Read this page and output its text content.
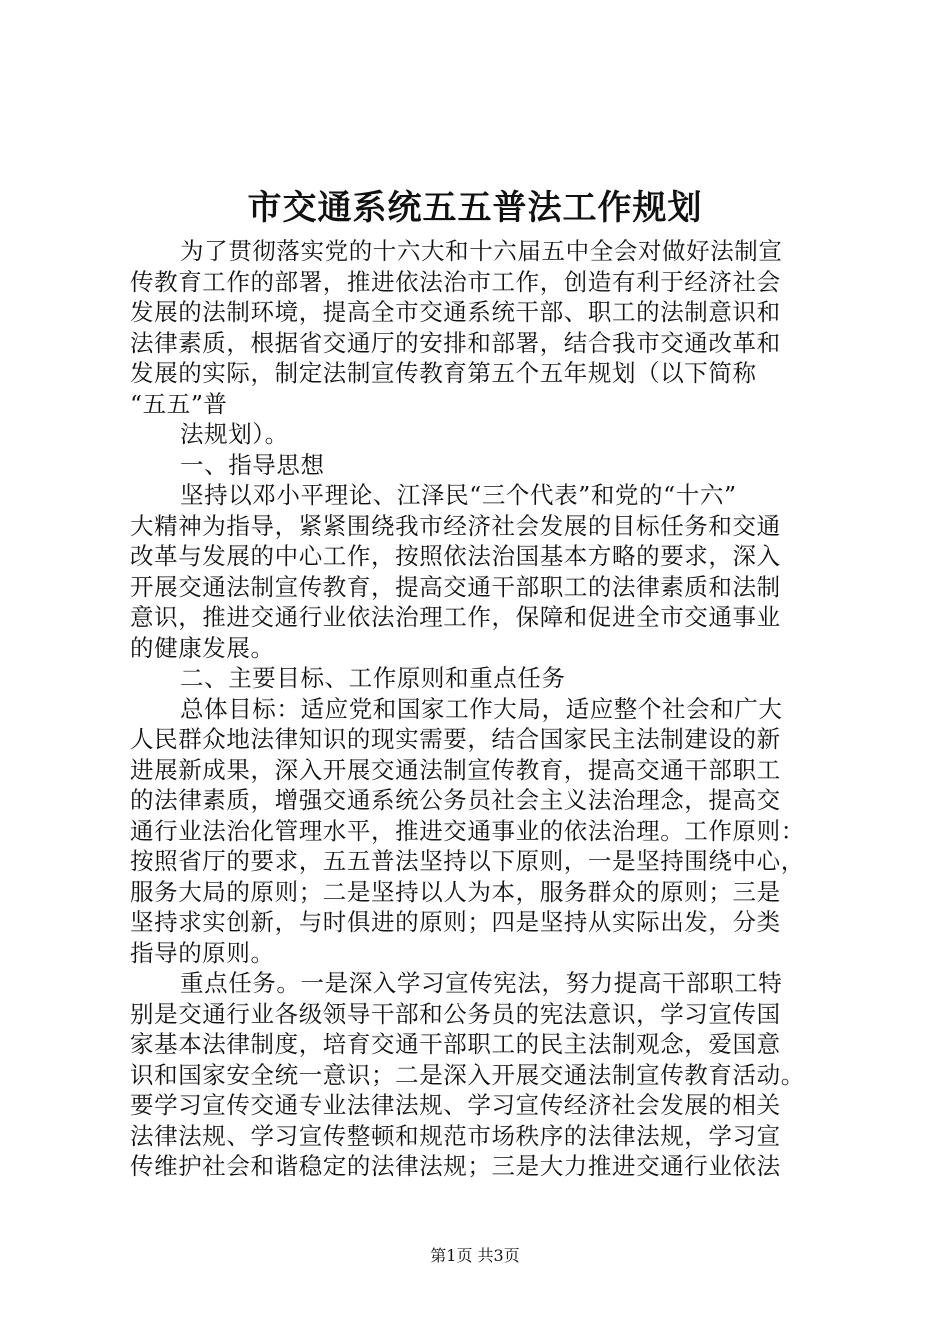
市交通系统五五普法工作规划
为了贯彻落实党的十六大和十六届五中全会对做好法制宣
传教育工作的部署，推进依法治市工作，创造有利于经济社会
发展的法制环境，提高全市交通系统干部、职工的法制意识和
法律素质，根据省交通厅的安排和部署，结合我市交通改革和
发展的实际，制定法制宣传教育第五个五年规划（以下简称
“五五”普
法规划）。
一、指导思想
坚持以邓小平理论、江泽民“三个代表”和党的“十六”
大精神为指导，紧紧围绕我市经济社会发展的目标任务和交通
改革与发展的中心工作，按照依法治国基本方略的要求，深入
开展交通法制宣传教育，提高交通干部职工的法律素质和法制
意识，推进交通行业依法治理工作，保障和促进全市交通事业
的健康发展。
二、主要目标、工作原则和重点任务
总体目标：适应党和国家工作大局，适应整个社会和广大
人民群众地法律知识的现实需要，结合国家民主法制建设的新
进展新成果，深入开展交通法制宣传教育，提高交通干部职工
的法律素质，增强交通系统公务员社会主义法治理念，提高交
通行业法治化管理水平，推进交通事业的依法治理。工作原则：
按照省厅的要求，五五普法坚持以下原则，一是坚持围绕中心，
服务大局的原则；二是坚持以人为本，服务群众的原则；三是
坚持求实创新，与时俱进的原则；四是坚持从实际出发，分类
指导的原则。
重点任务。一是深入学习宣传宪法，努力提高干部职工特
别是交通行业各级领导干部和公务员的宪法意识，学习宣传国
家基本法律制度，培育交通干部职工的民主法制观念，爱国意
识和国家安全统一意识；二是深入开展交通法制宣传教育活动。
要学习宣传交通专业法律法规、学习宣传经济社会发展的相关
法律法规、学习宣传整顿和规范市场秩序的法律法规，学习宣
传维护社会和谐稳定的法律法规；三是大力推进交通行业依法
第1页 共3页
